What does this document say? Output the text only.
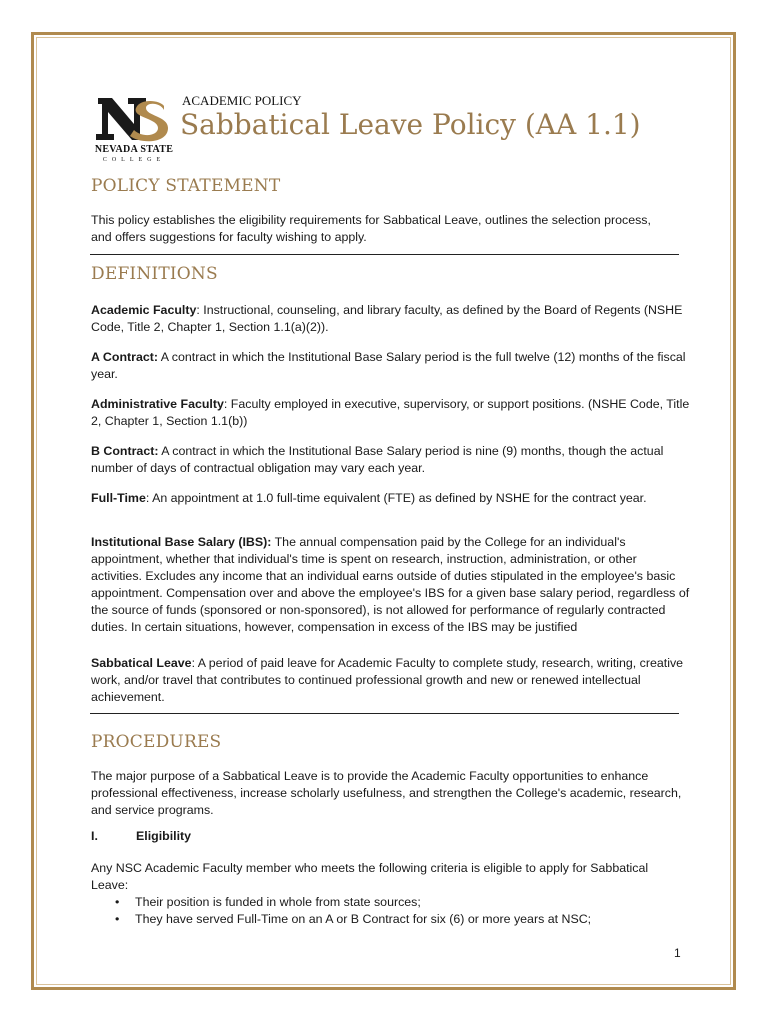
NEVADA STATE
COLLEGE
ACADEMIC POLICY
Sabbatical Leave Policy (AA 1.1)
POLICY STATEMENT
This policy establishes the eligibility requirements for Sabbatical Leave, outlines the selection process, and offers suggestions for faculty wishing to apply.
DEFINITIONS
Academic Faculty: Instructional, counseling, and library faculty, as defined by the Board of Regents (NSHE Code, Title 2, Chapter 1, Section 1.1(a)(2)).
A Contract: A contract in which the Institutional Base Salary period is the full twelve (12) months of the fiscal year.
Administrative Faculty: Faculty employed in executive, supervisory, or support positions. (NSHE Code, Title 2, Chapter 1, Section 1.1(b))
B Contract: A contract in which the Institutional Base Salary period is nine (9) months, though the actual number of days of contractual obligation may vary each year.
Full-Time: An appointment at 1.0 full-time equivalent (FTE) as defined by NSHE for the contract year.
Institutional Base Salary (IBS): The annual compensation paid by the College for an individual's appointment, whether that individual's time is spent on research, instruction, administration, or other activities. Excludes any income that an individual earns outside of duties stipulated in the employee's basic appointment. Compensation over and above the employee's IBS for a given base salary period, regardless of the source of funds (sponsored or non-sponsored), is not allowed for performance of regularly contracted duties. In certain situations, however, compensation in excess of the IBS may be justified
Sabbatical Leave: A period of paid leave for Academic Faculty to complete study, research, writing, creative work, and/or travel that contributes to continued professional growth and new or renewed intellectual achievement.
PROCEDURES
The major purpose of a Sabbatical Leave is to provide the Academic Faculty opportunities to enhance professional effectiveness, increase scholarly usefulness, and strengthen the College's academic, research, and service programs.
I.	Eligibility
Any NSC Academic Faculty member who meets the following criteria is eligible to apply for Sabbatical Leave:
• Their position is funded in whole from state sources;
• They have served Full-Time on an A or B Contract for six (6) or more years at NSC;
1
